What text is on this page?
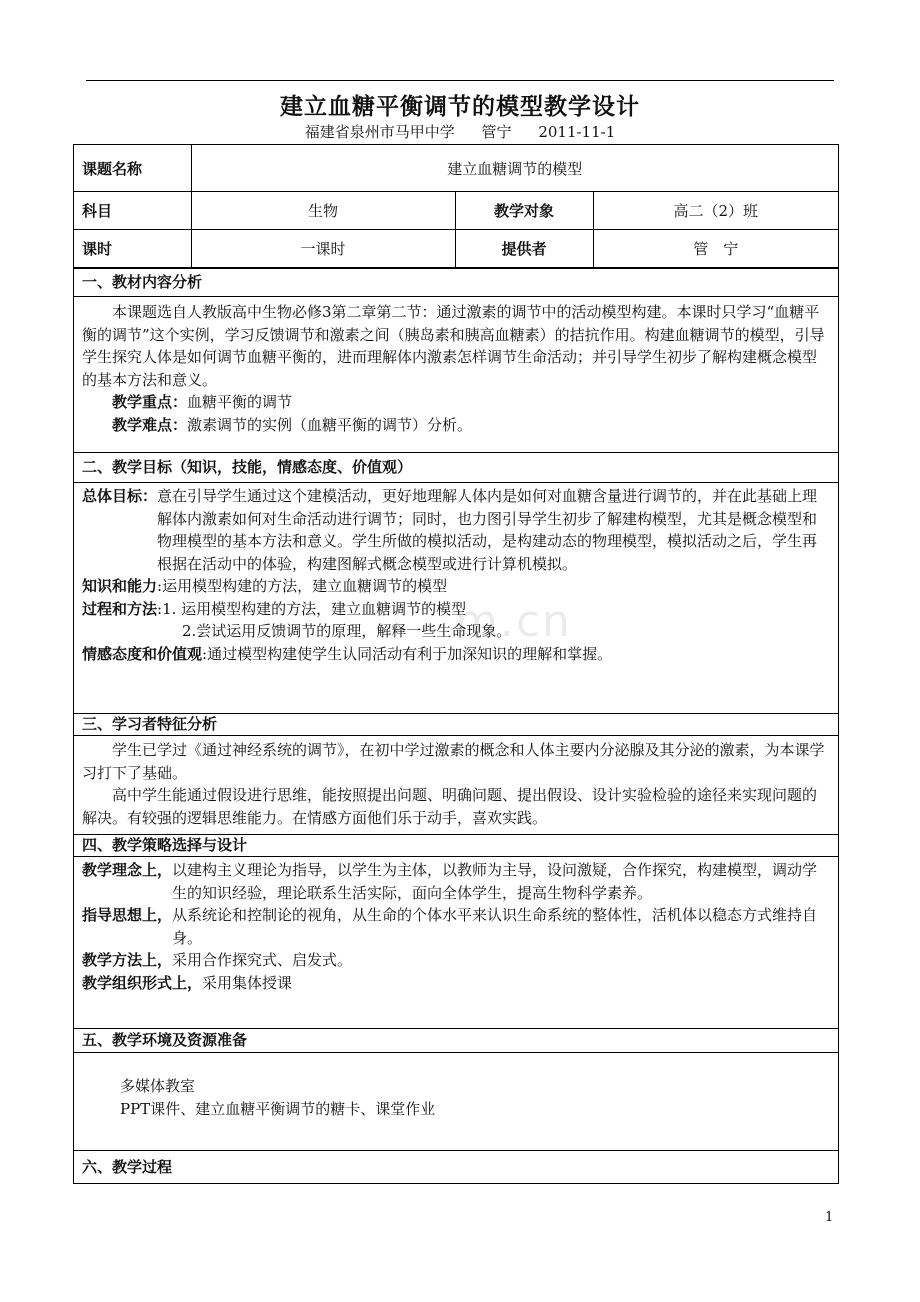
建立血糖平衡调节的模型教学设计
福建省泉州市马甲中学 管宁 2011-11-1
m.cn
课题名称	建立血糖调节的模型		
科目	生物	教学对象	高二（2）班
课时	一课时	提供者	管　宁
一、教材内容分析

本课题选自人教版高中生物必修3第二章第二节：通过激素的调节中的活动模型构建。本课时只学习“血糖平衡的调节”这个实例，学习反馈调节和激素之间（胰岛素和胰高血糖素）的拮抗作用。构建血糖调节的模型，引导学生探究人体是如何调节血糖平衡的，进而理解体内激素怎样调节生命活动；并引导学生初步了解构建概念模型的基本方法和意义。

教学重点：血糖平衡的调节

教学难点：激素调节的实例（血糖平衡的调节）分析。

二、教学目标（知识，技能，情感态度、价值观）
总体目标： 意在引导学生通过这个建模活动，更好地理解人体内是如何对血糖含量进行调节的，并在此基础上理解体内激素如何对生命活动进行调节；同时，也力图引导学生初步了解建构模型，尤其是概念模型和物理模型的基本方法和意义。学生所做的模拟活动，是构建动态的物理模型，模拟活动之后，学生再根据在活动中的体验，构建图解式概念模型或进行计算机模拟。

知识和能力:运用模型构建的方法，建立血糖调节的模型

过程和方法:1. 运用模型构建的方法，建立血糖调节的模型

2.尝试运用反馈调节的原理，解释一些生命现象。

情感态度和价值观:通过模型构建使学生认同活动有利于加深知识的理解和掌握。

三、学习者特征分析

学生已学过《通过神经系统的调节》，在初中学过激素的概念和人体主要内分泌腺及其分泌的激素，为本课学习打下了基础。

高中学生能通过假设进行思维，能按照提出问题、明确问题、提出假设、设计实验检验的途径来实现问题的解决。有较强的逻辑思维能力。在情感方面他们乐于动手，喜欢实践。

四、教学策略选择与设计
教学理念上， 以建构主义理论为指导，以学生为主体，以教师为主导，设问激疑，合作探究，构建模型，调动学生的知识经验，理论联系生活实际，面向全体学生，提高生物科学素养。
指导思想上， 从系统论和控制论的视角，从生命的个体水平来认识生命系统的整体性，活机体以稳态方式维持自身。

教学方法上，采用合作探究式、启发式。

教学组织形式上，采用集体授课

五、教学环境及资源准备

多媒体教室

PPT课件、建立血糖平衡调节的糖卡、课堂作业

六、教学过程
1
